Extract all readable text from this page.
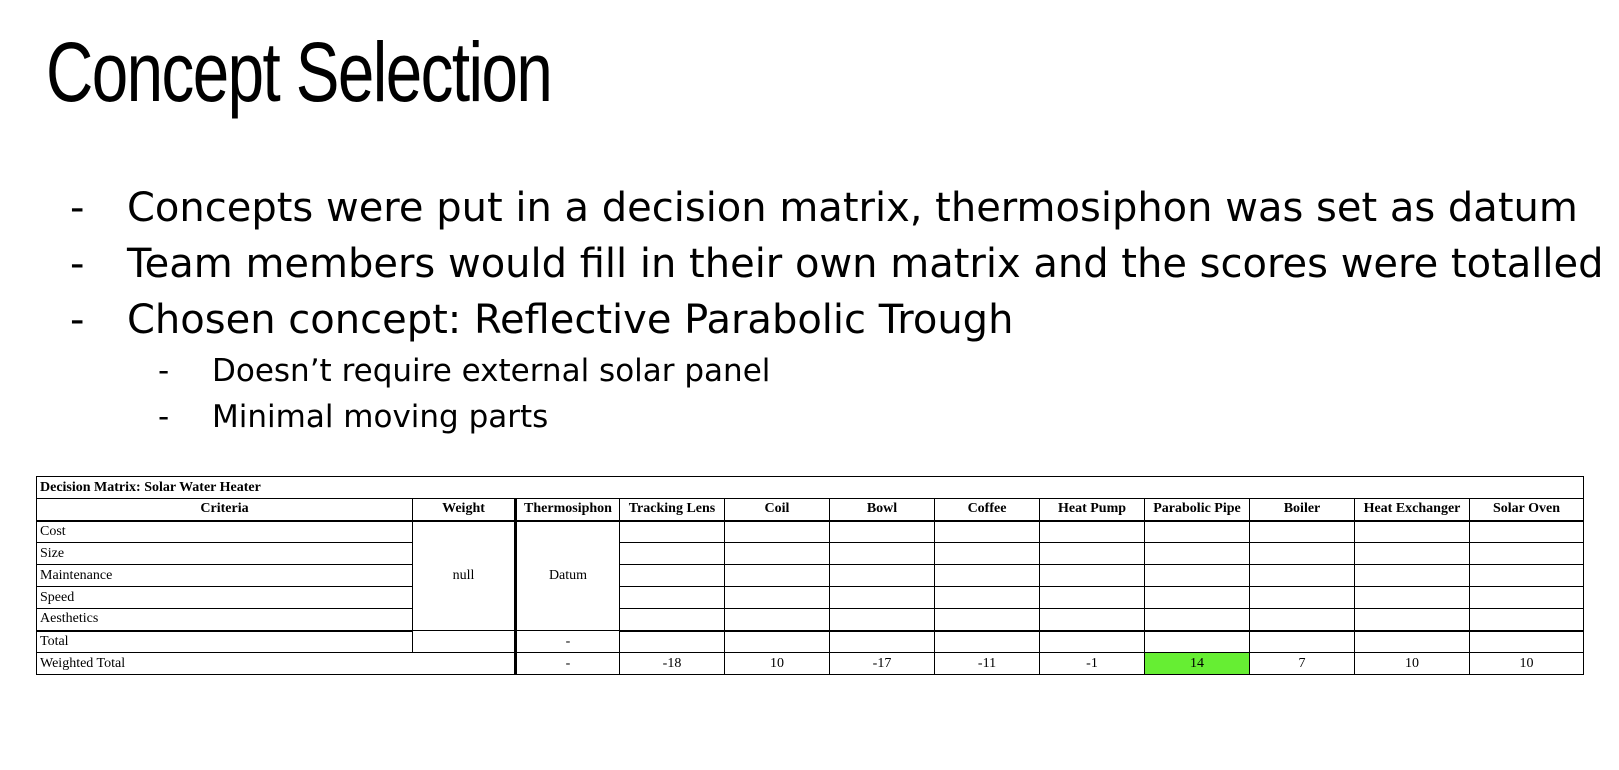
Concept Selection
- Concepts were put in a decision matrix, thermosiphon was set as datum
- Team members would fill in their own matrix and the scores were totalled
- Chosen concept: Reflective Parabolic Trough
- Doesn’t require external solar panel
- Minimal moving parts
Decision Matrix: Solar Water Heater											
Criteria	Weight	Thermosiphon	Tracking Lens	Coil	Bowl	Coffee	Heat Pump	Parabolic Pipe	Boiler	Heat Exchanger	Solar Oven
Cost	null	Datum									
Size											
Maintenance											
Speed											
Aesthetics											
Total		-									
Weighted Total		-	-18	10	-17	-11	-1	14	7	10	10
